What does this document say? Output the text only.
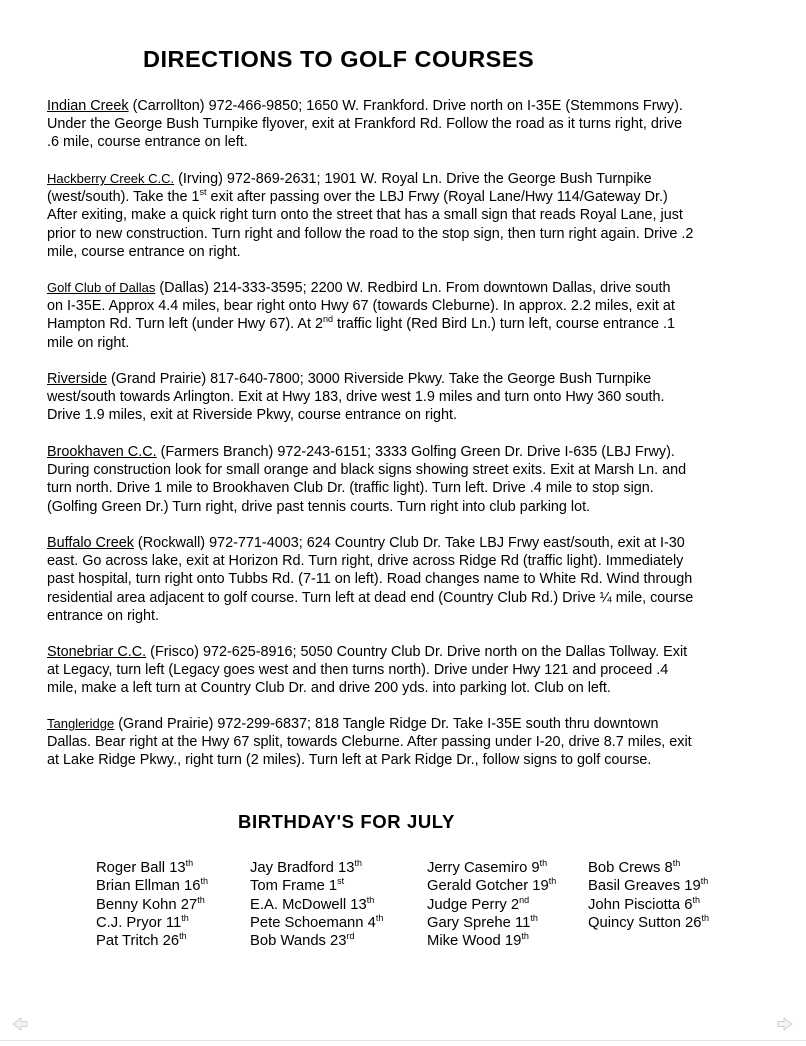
DIRECTIONS TO GOLF COURSES
Indian Creek (Carrollton) 972-466-9850; 1650 W. Frankford. Drive north on I-35E (Stemmons Frwy).
Under the George Bush Turnpike flyover, exit at Frankford Rd. Follow the road as it turns right, drive
.6 mile, course entrance on left.
Hackberry Creek C.C. (Irving) 972-869-2631; 1901 W. Royal Ln. Drive the George Bush Turnpike
(west/south). Take the 1st exit after passing over the LBJ Frwy (Royal Lane/Hwy 114/Gateway Dr.)
After exiting, make a quick right turn onto the street that has a small sign that reads Royal Lane, just
prior to new construction. Turn right and follow the road to the stop sign, then turn right again. Drive .2
mile, course entrance on right.
Golf Club of Dallas (Dallas) 214-333-3595; 2200 W. Redbird Ln. From downtown Dallas, drive south
on I-35E. Approx 4.4 miles, bear right onto Hwy 67 (towards Cleburne). In approx. 2.2 miles, exit at
Hampton Rd. Turn left (under Hwy 67). At 2nd traffic light (Red Bird Ln.) turn left, course entrance .1
mile on right.
Riverside (Grand Prairie) 817-640-7800; 3000 Riverside Pkwy. Take the George Bush Turnpike
west/south towards Arlington. Exit at Hwy 183, drive west 1.9 miles and turn onto Hwy 360 south.
Drive 1.9 miles, exit at Riverside Pkwy, course entrance on right.
Brookhaven C.C. (Farmers Branch) 972-243-6151; 3333 Golfing Green Dr. Drive I-635 (LBJ Frwy).
During construction look for small orange and black signs showing street exits. Exit at Marsh Ln. and
turn north. Drive 1 mile to Brookhaven Club Dr. (traffic light). Turn left. Drive .4 mile to stop sign.
(Golfing Green Dr.) Turn right, drive past tennis courts. Turn right into club parking lot.
Buffalo Creek (Rockwall) 972-771-4003; 624 Country Club Dr. Take LBJ Frwy east/south, exit at I-30
east. Go across lake, exit at Horizon Rd. Turn right, drive across Ridge Rd (traffic light). Immediately
past hospital, turn right onto Tubbs Rd. (7-11 on left). Road changes name to White Rd. Wind through
residential area adjacent to golf course. Turn left at dead end (Country Club Rd.) Drive ¼ mile, course
entrance on right.
Stonebriar C.C. (Frisco) 972-625-8916; 5050 Country Club Dr. Drive north on the Dallas Tollway. Exit
at Legacy, turn left (Legacy goes west and then turns north). Drive under Hwy 121 and proceed .4
mile, make a left turn at Country Club Dr. and drive 200 yds. into parking lot. Club on left.
Tangleridge (Grand Prairie) 972-299-6837; 818 Tangle Ridge Dr. Take I-35E south thru downtown
Dallas. Bear right at the Hwy 67 split, towards Cleburne. After passing under I-20, drive 8.7 miles, exit
at Lake Ridge Pkwy., right turn (2 miles). Turn left at Park Ridge Dr., follow signs to golf course.
BIRTHDAY'S FOR JULY
Roger Ball 13th
Brian Ellman 16th
Benny Kohn 27th
C.J. Pryor 11th
Pat Tritch 26th
Jay Bradford 13th
Tom Frame 1st
E.A. McDowell 13th
Pete Schoemann 4th
Bob Wands 23rd
Jerry Casemiro 9th
Gerald Gotcher 19th
Judge Perry 2nd
Gary Sprehe 11th
Mike Wood 19th
Bob Crews 8th
Basil Greaves 19th
John Pisciotta 6th
Quincy Sutton 26th
